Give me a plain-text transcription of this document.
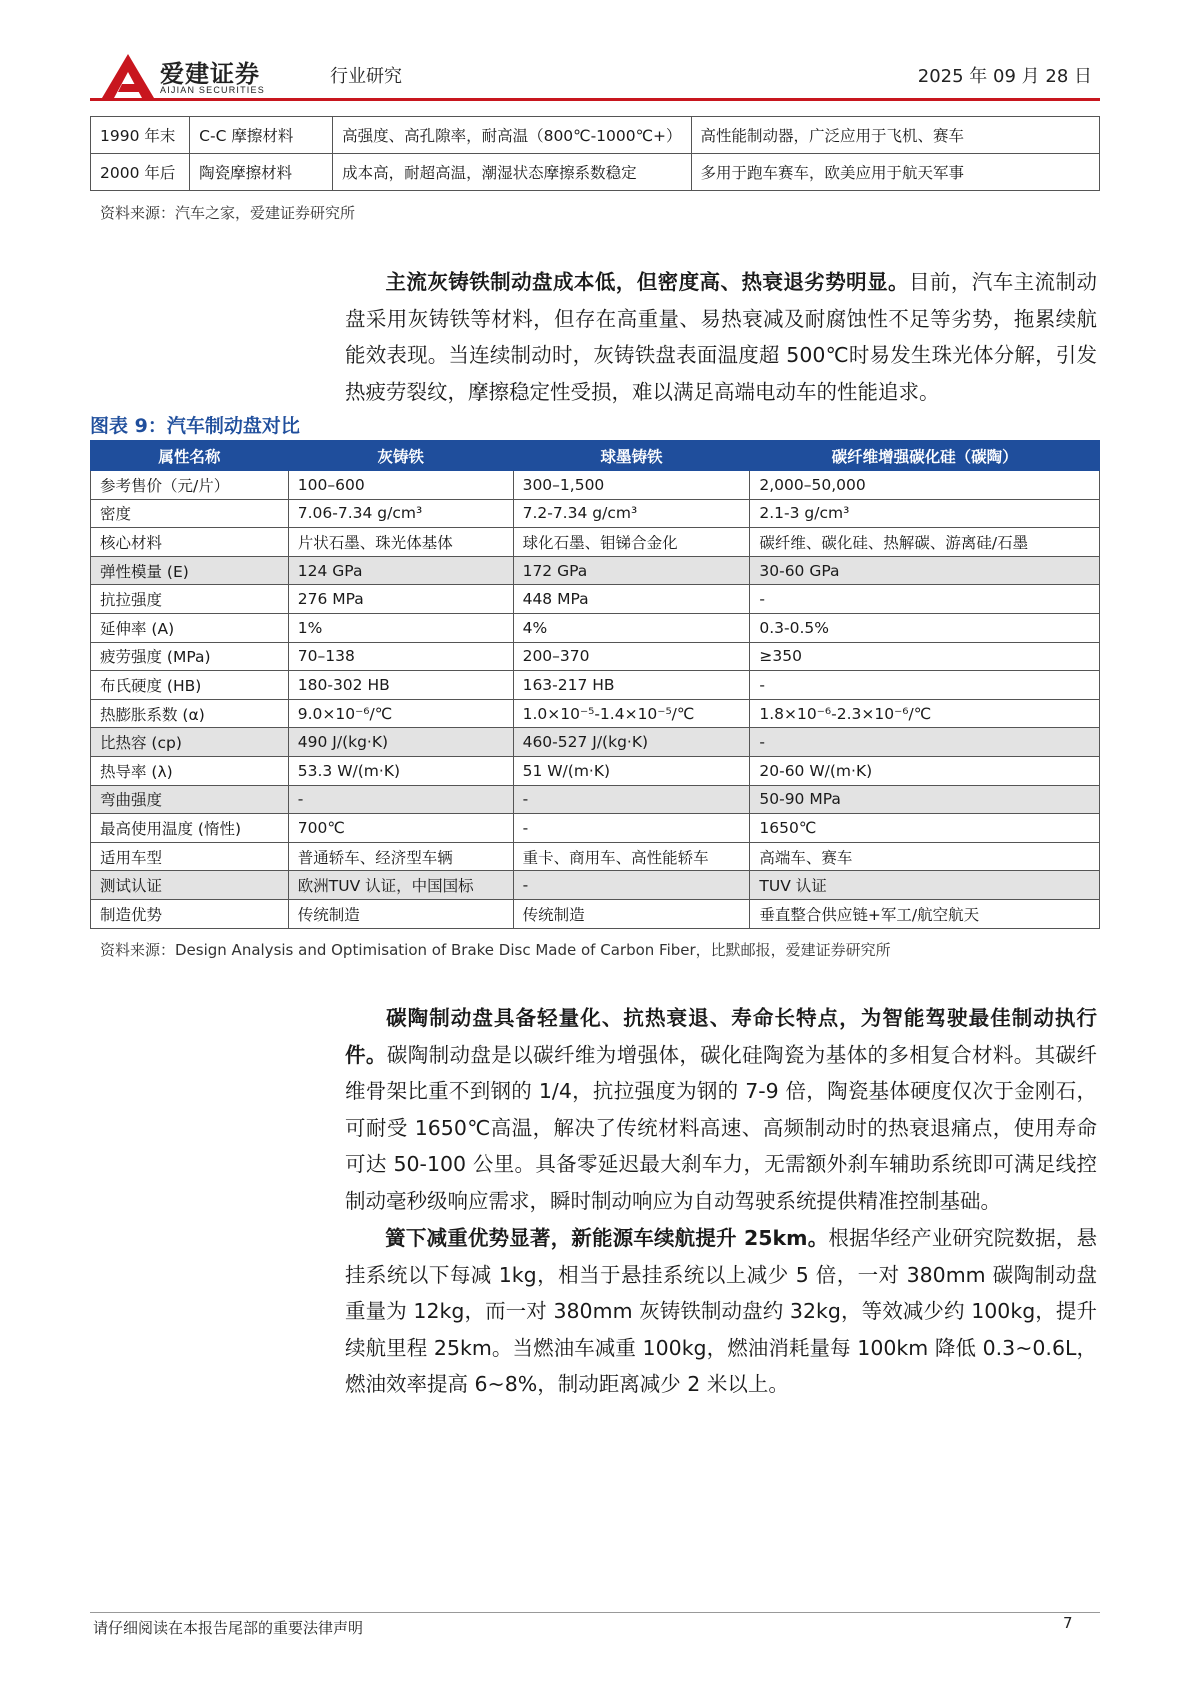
爱建证券
AIJIAN SECURITIES
行业研究	2025 年 09 月 28 日
1990 年末	C-C 摩擦材料	高强度、高孔隙率，耐高温（800℃-1000℃+）	高性能制动器，广泛应用于飞机、赛车
2000 年后	陶瓷摩擦材料	成本高，耐超高温，潮湿状态摩擦系数稳定	多用于跑车赛车，欧美应用于航天军事
资料来源：汽车之家，爱建证券研究所
主流灰铸铁制动盘成本低，但密度高、热衰退劣势明显。目前，汽车主流制动盘采用灰铸铁等材料，但存在高重量、易热衰减及耐腐蚀性不足等劣势，拖累续航能效表现。当连续制动时，灰铸铁盘表面温度超 500℃时易发生珠光体分解，引发热疲劳裂纹，摩擦稳定性受损，难以满足高端电动车的性能追求。
图表 9：汽车制动盘对比
属性名称	灰铸铁	球墨铸铁	碳纤维增强碳化硅（碳陶）
参考售价（元/片）	100–600	300–1,500	2,000–50,000
密度	7.06-7.34 g/cm³	7.2-7.34 g/cm³	2.1-3 g/cm³
核心材料	片状石墨、珠光体基体	球化石墨、钼锑合金化	碳纤维、碳化硅、热解碳、游离硅/石墨
弹性模量 (E)	124 GPa	172 GPa	30-60 GPa
抗拉强度	276 MPa	448 MPa	-
延伸率 (A)	1%	4%	0.3-0.5%
疲劳强度 (MPa)	70–138	200–370	≥350
布氏硬度 (HB)	180-302 HB	163-217 HB	-
热膨胀系数 (α)	9.0×10⁻⁶/℃	1.0×10⁻⁵-1.4×10⁻⁵/℃	1.8×10⁻⁶-2.3×10⁻⁶/℃
比热容 (cp)	490 J/(kg·K)	460-527 J/(kg·K)	-
热导率 (λ)	53.3 W/(m·K)	51 W/(m·K)	20-60 W/(m·K)
弯曲强度	-	-	50-90 MPa
最高使用温度 (惰性)	700℃	-	1650℃
适用车型	普通轿车、经济型车辆	重卡、商用车、高性能轿车	高端车、赛车
测试认证	欧洲TUV 认证，中国国标	-	TUV 认证
制造优势	传统制造	传统制造	垂直整合供应链+军工/航空航天
资料来源：Design Analysis and Optimisation of Brake Disc Made of Carbon Fiber，比默邮报，爱建证券研究所
碳陶制动盘具备轻量化、抗热衰退、寿命长特点，为智能驾驶最佳制动执行件。碳陶制动盘是以碳纤维为增强体，碳化硅陶瓷为基体的多相复合材料。其碳纤维骨架比重不到钢的 1/4，抗拉强度为钢的 7-9 倍，陶瓷基体硬度仅次于金刚石，可耐受 1650℃高温，解决了传统材料高速、高频制动时的热衰退痛点，使用寿命可达 50-100 公里。具备零延迟最大刹车力，无需额外刹车辅助系统即可满足线控制动毫秒级响应需求，瞬时制动响应为自动驾驶系统提供精准控制基础。
簧下减重优势显著，新能源车续航提升 25km。根据华经产业研究院数据，悬挂系统以下每减 1kg，相当于悬挂系统以上减少 5 倍，一对 380mm 碳陶制动盘重量为 12kg，而一对 380mm 灰铸铁制动盘约 32kg，等效减少约 100kg，提升续航里程 25km。当燃油车减重 100kg，燃油消耗量每 100km 降低 0.3~0.6L，燃油效率提高 6~8%，制动距离减少 2 米以上。
请仔细阅读在本报告尾部的重要法律声明	7
